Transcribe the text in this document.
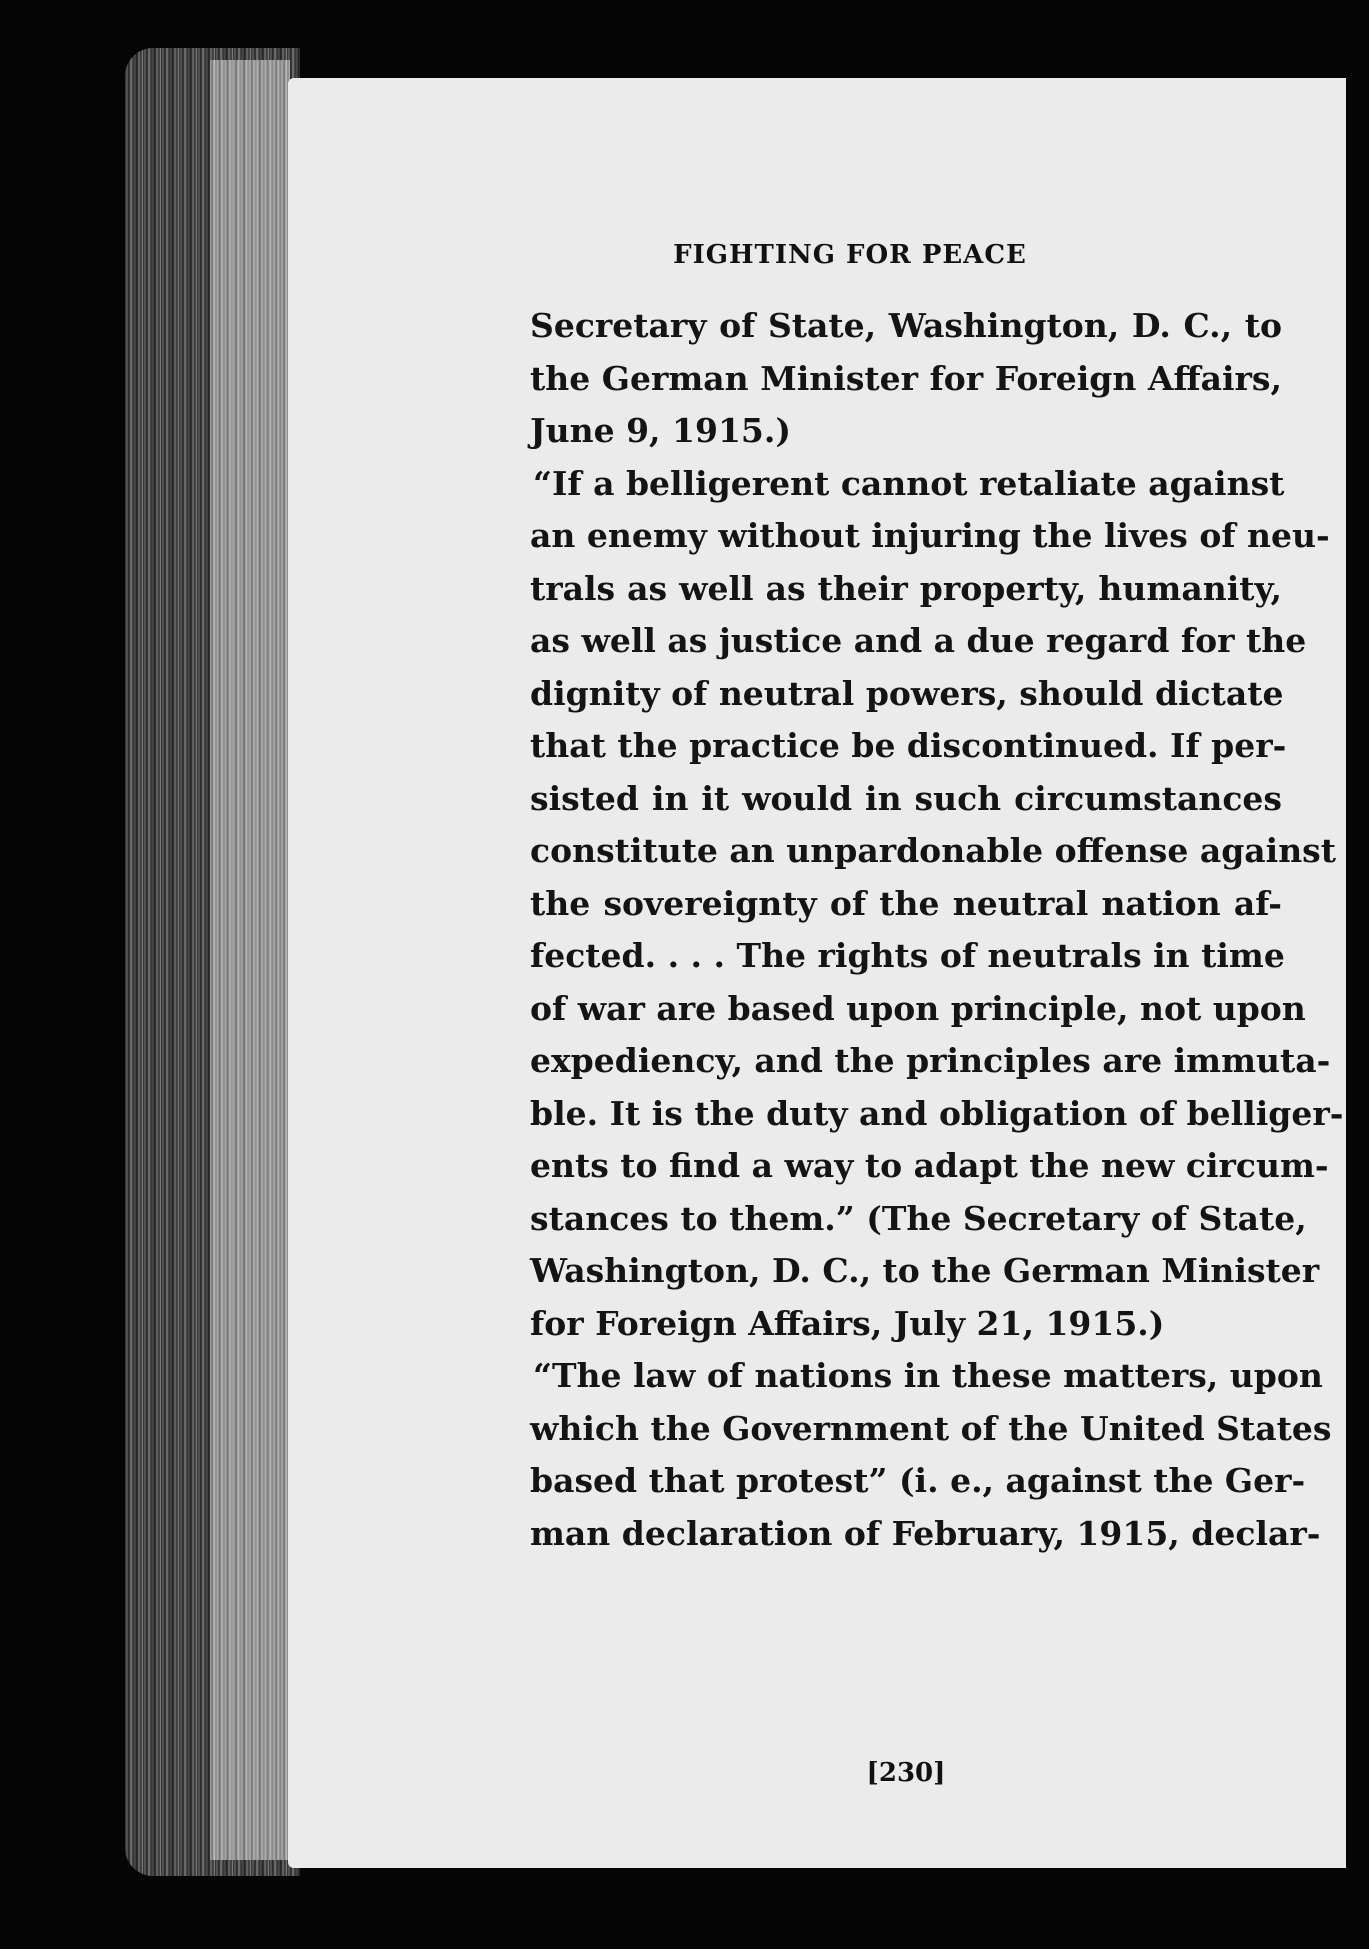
FIGHTING FOR PEACE
Secretary of State, Washington, D. C., to
the German Minister for Foreign Affairs,
June 9, 1915.)
“If a belligerent cannot retaliate against
an enemy without injuring the lives of neu-
trals as well as their property, humanity,
as well as justice and a due regard for the
dignity of neutral powers, should dictate
that the practice be discontinued. If per-
sisted in it would in such circumstances
constitute an unpardonable offense against
the sovereignty of the neutral nation af-
fected. . . . The rights of neutrals in time
of war are based upon principle, not upon
expediency, and the principles are immuta-
ble. It is the duty and obligation of belliger-
ents to find a way to adapt the new circum-
stances to them.” (The Secretary of State,
Washington, D. C., to the German Minister
for Foreign Affairs, July 21, 1915.)
“The law of nations in these matters, upon
which the Government of the United States
based that protest” (i. e., against the Ger-
man declaration of February, 1915, declar-
[230]
